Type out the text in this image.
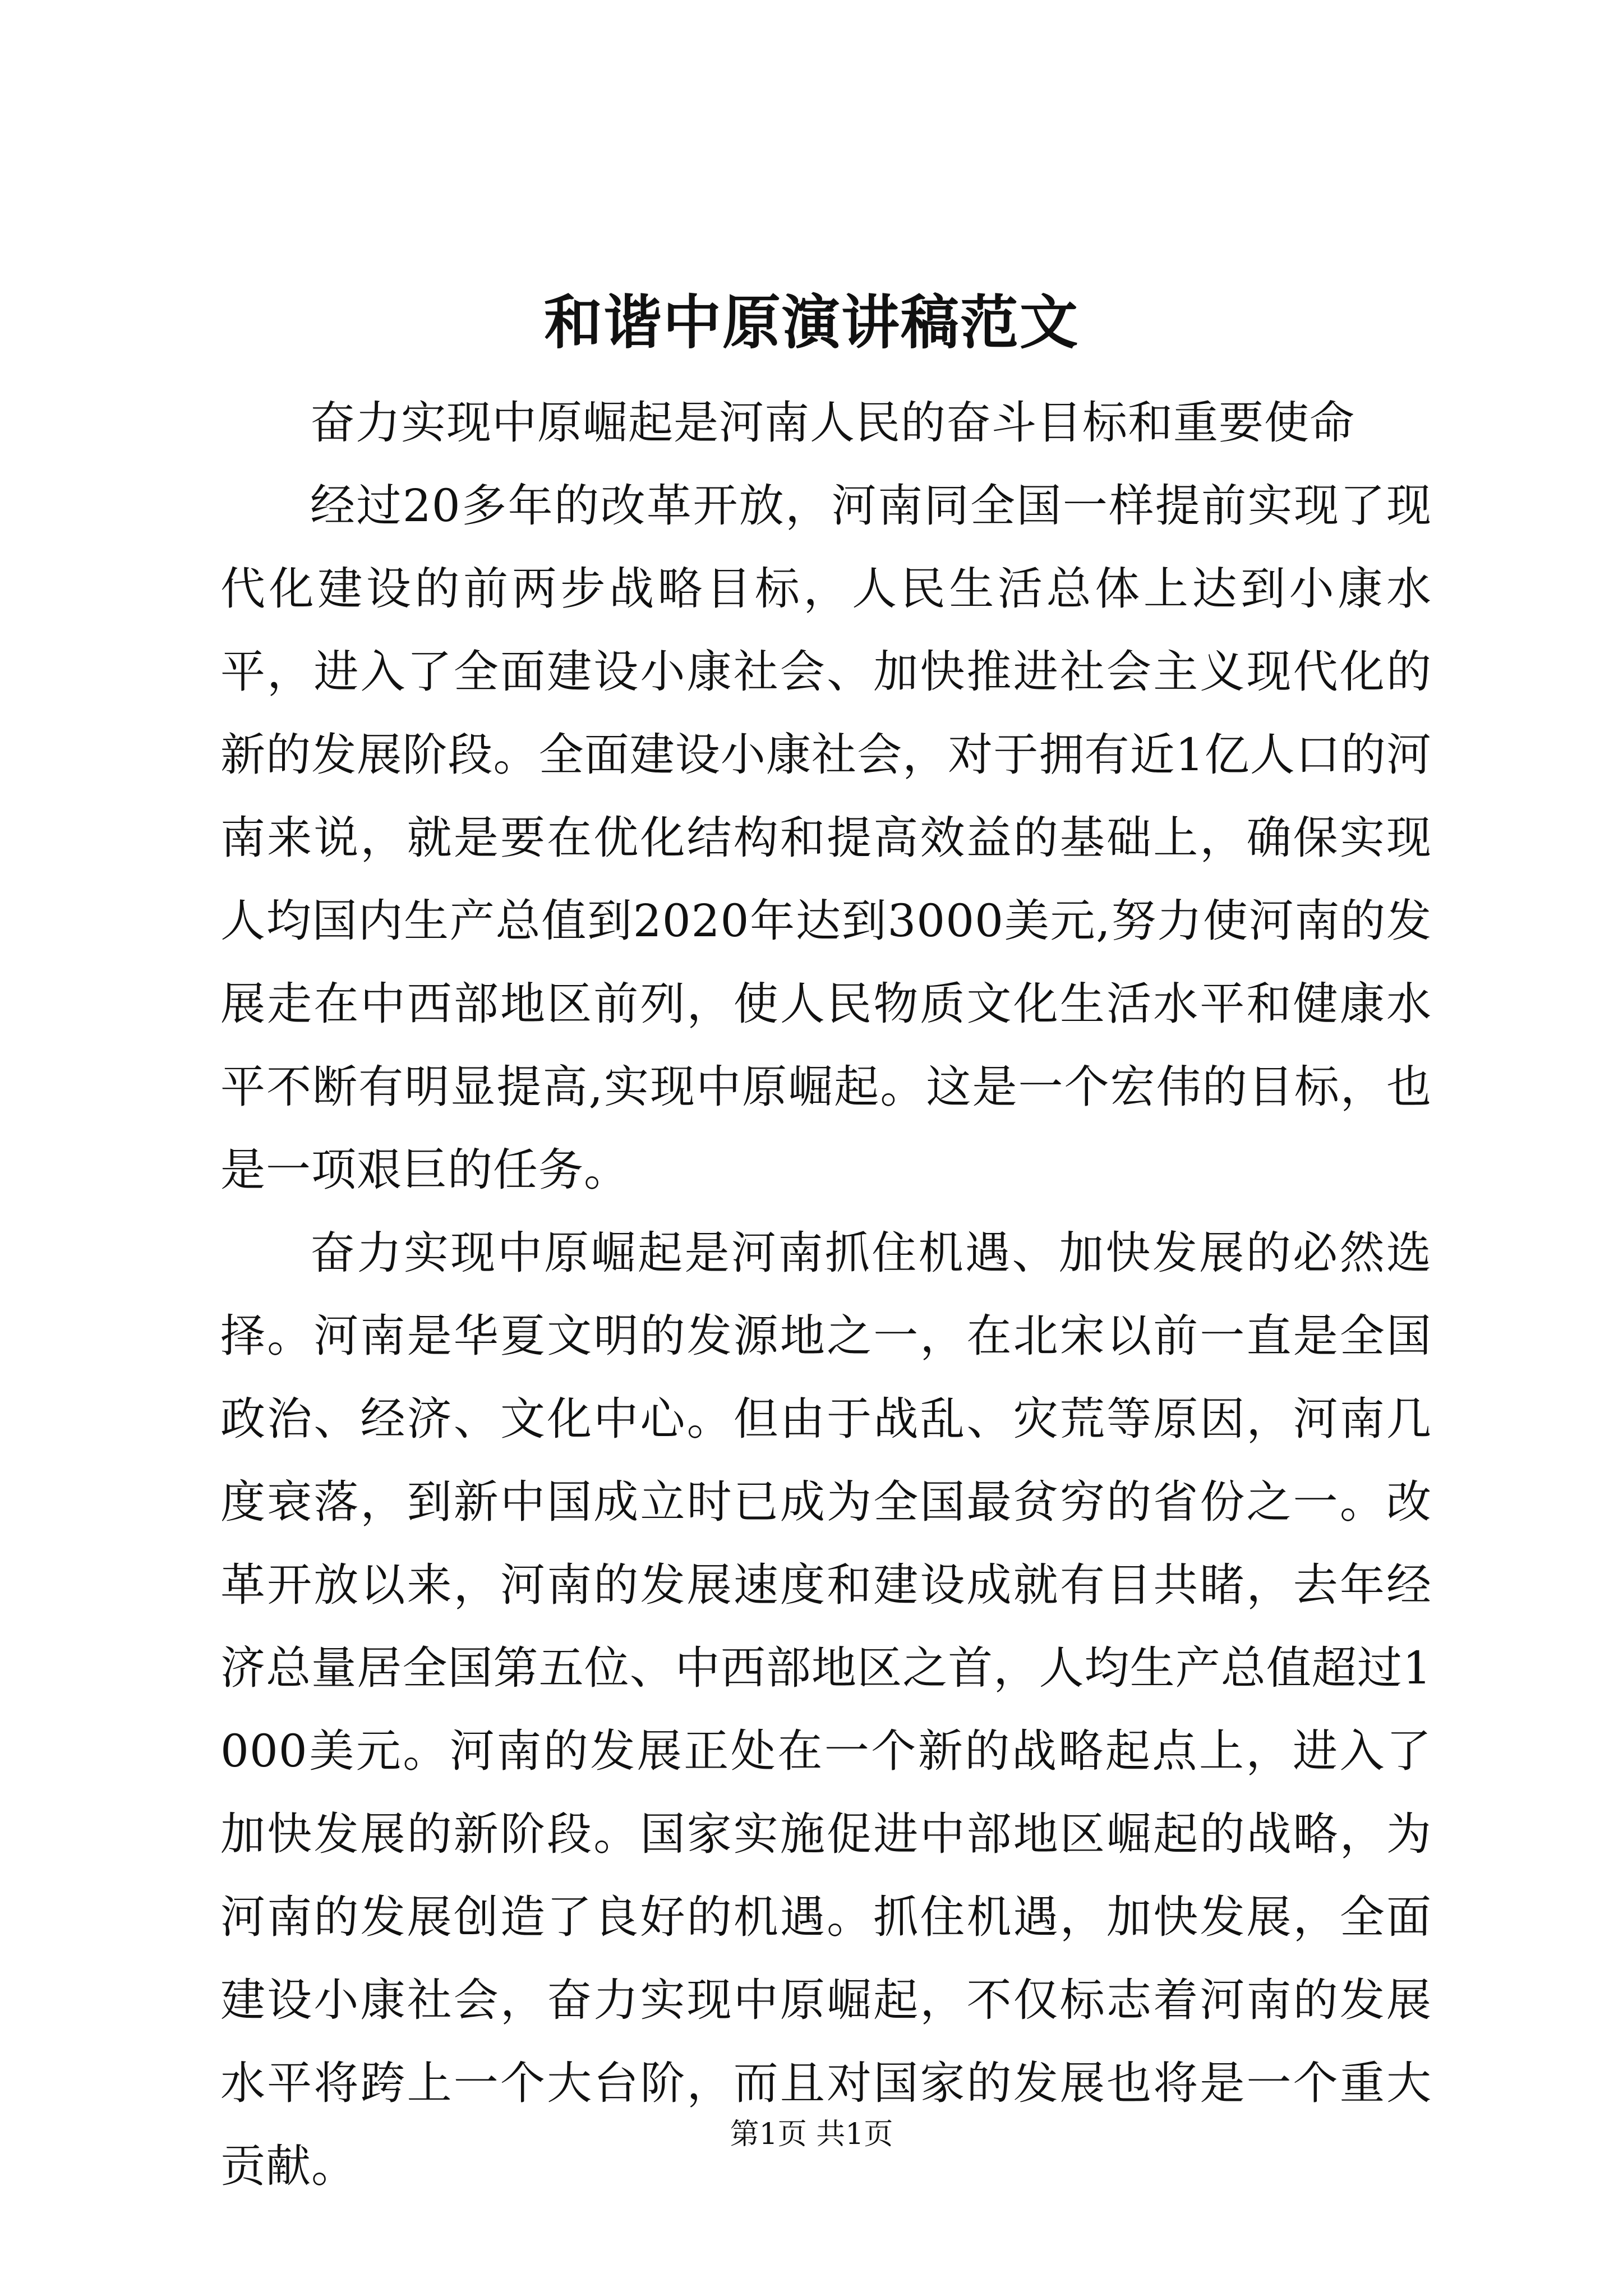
和谐中原演讲稿范文

奋力实现中原崛起是河南人民的奋斗目标和重要使命

经过20多年的改革开放，河南同全国一样提前实现了现代化建设的前两步战略目标，人民生活总体上达到小康水平，进入了全面建设小康社会、加快推进社会主义现代化的新的发展阶段。全面建设小康社会，对于拥有近1亿人口的河南来说，就是要在优化结构和提高效益的基础上，确保实现人均国内生产总值到2020年达到3000美元,努力使河南的发展走在中西部地区前列，使人民物质文化生活水平和健康水平不断有明显提高,实现中原崛起。这是一个宏伟的目标，也是一项艰巨的任务。

奋力实现中原崛起是河南抓住机遇、加快发展的必然选择。河南是华夏文明的发源地之一，在北宋以前一直是全国政治、经济、文化中心。但由于战乱、灾荒等原因，河南几度衰落，到新中国成立时已成为全国最贫穷的省份之一。改革开放以来，河南的发展速度和建设成就有目共睹，去年经济总量居全国第五位、中西部地区之首，人均生产总值超过1000美元。河南的发展正处在一个新的战略起点上，进入了加快发展的新阶段。国家实施促进中部地区崛起的战略，为河南的发展创造了良好的机遇。抓住机遇，加快发展，全面建设小康社会，奋力实现中原崛起，不仅标志着河南的发展水平将跨上一个大台阶，而且对国家的发展也将是一个重大贡献。

第1页 共1页
